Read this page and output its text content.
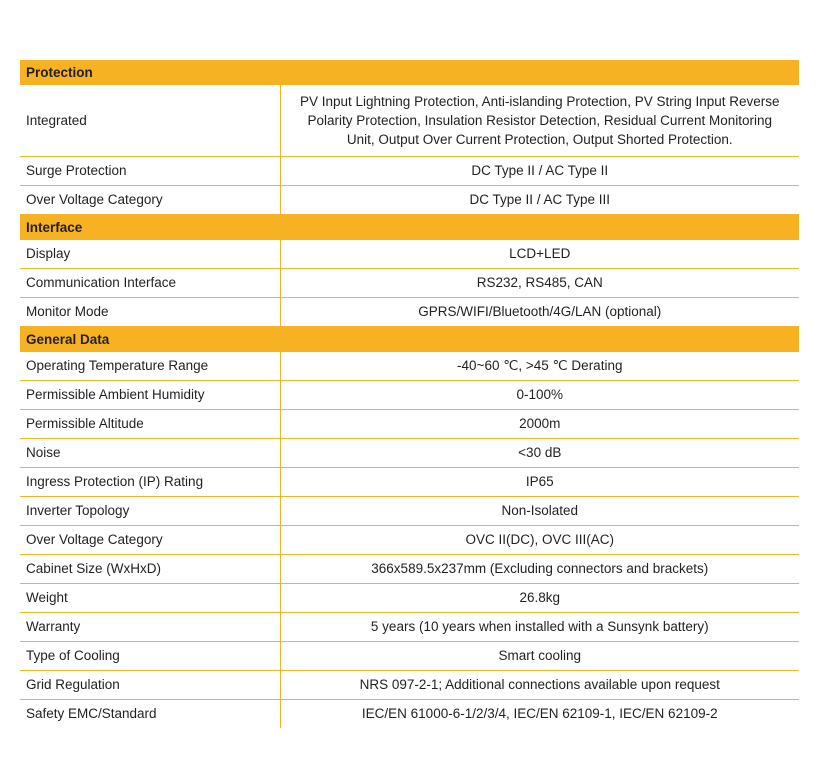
Protection	
Integrated	PV Input Lightning Protection, Anti-islanding Protection, PV String Input Reverse Polarity Protection, Insulation Resistor Detection, Residual Current Monitoring Unit, Output Over Current Protection, Output Shorted Protection.
Surge Protection	DC Type II / AC Type II
Over Voltage Category	DC Type II / AC Type III
Interface	
Display	LCD+LED
Communication Interface	RS232, RS485, CAN
Monitor Mode	GPRS/WIFI/Bluetooth/4G/LAN (optional)
General Data	
Operating Temperature Range	-40~60 ℃, >45 ℃ Derating
Permissible Ambient Humidity	0-100%
Permissible Altitude	2000m
Noise	<30 dB
Ingress Protection (IP) Rating	IP65
Inverter Topology	Non-Isolated
Over Voltage Category	OVC II(DC), OVC III(AC)
Cabinet Size (WxHxD)	366x589.5x237mm (Excluding connectors and brackets)
Weight	26.8kg
Warranty	5 years (10 years when installed with a Sunsynk battery)
Type of Cooling	Smart cooling
Grid Regulation	NRS 097-2-1; Additional connections available upon request
Safety EMC/Standard	IEC/EN 61000-6-1/2/3/4, IEC/EN 62109-1, IEC/EN 62109-2
